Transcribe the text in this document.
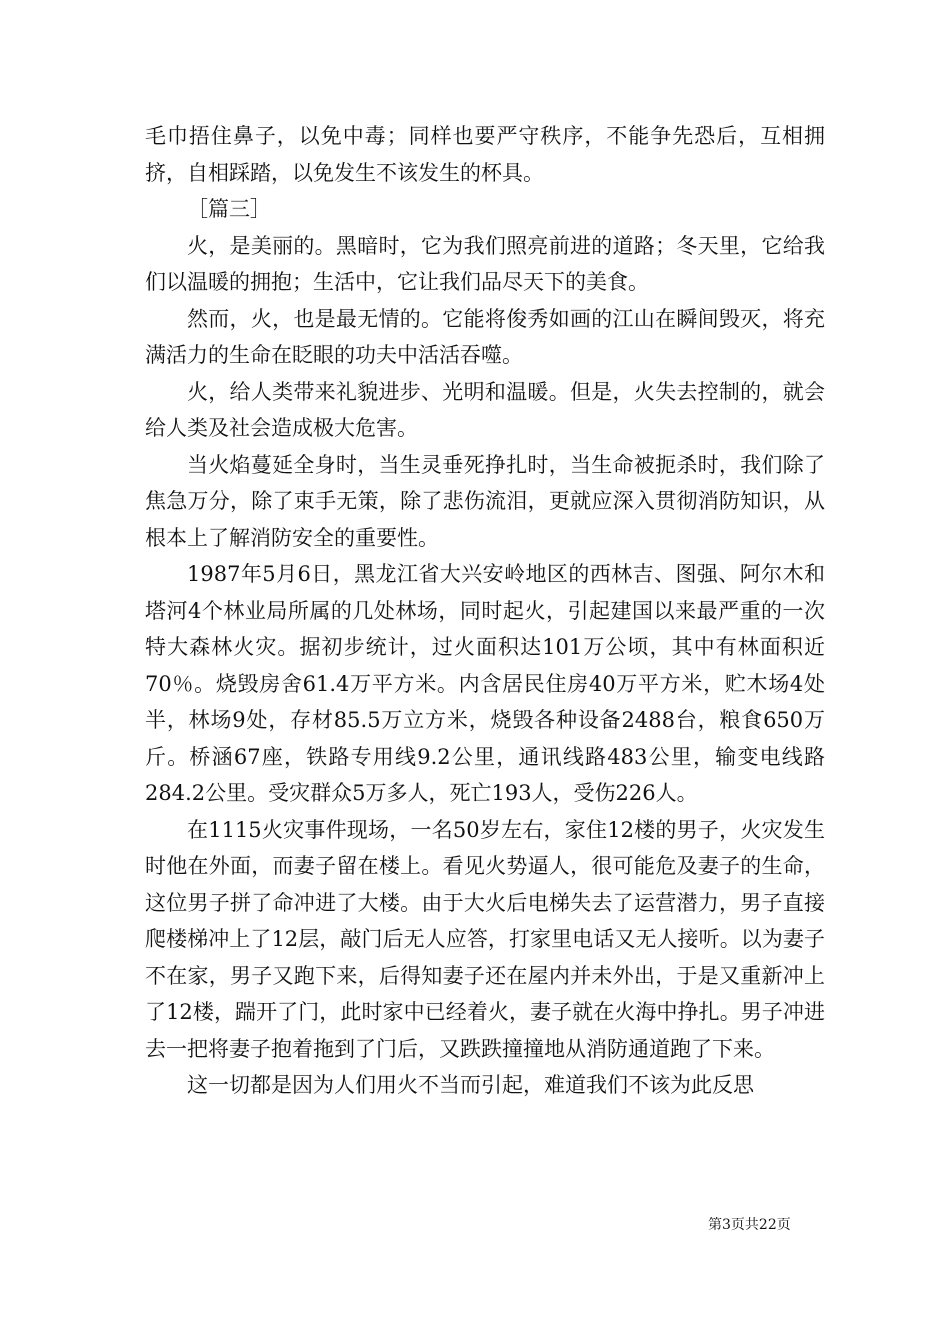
毛巾捂住鼻子，以免中毒；同样也要严守秩序，不能争先恐后，互相拥挤，自相踩踏，以免发生不该发生的杯具。

［篇三］

火，是美丽的。黑暗时，它为我们照亮前进的道路；冬天里，它给我们以温暖的拥抱；生活中，它让我们品尽天下的美食。

然而，火，也是最无情的。它能将俊秀如画的江山在瞬间毁灭，将充满活力的生命在眨眼的功夫中活活吞噬。

火，给人类带来礼貌进步、光明和温暖。但是，火失去控制的，就会给人类及社会造成极大危害。

当火焰蔓延全身时，当生灵垂死挣扎时，当生命被扼杀时，我们除了焦急万分，除了束手无策，除了悲伤流泪，更就应深入贯彻消防知识，从根本上了解消防安全的重要性。

1987年5月6日，黑龙江省大兴安岭地区的西林吉、图强、阿尔木和塔河4个林业局所属的几处林场，同时起火，引起建国以来最严重的一次特大森林火灾。据初步统计，过火面积达101万公顷，其中有林面积近70％。烧毁房舍61.4万平方米。内含居民住房40万平方米，贮木场4处半，林场9处，存材85.5万立方米，烧毁各种设备2488台，粮食650万斤。桥涵67座，铁路专用线9.2公里，通讯线路483公里，输变电线路284.2公里。受灾群众5万多人，死亡193人，受伤226人。

在1115火灾事件现场，一名50岁左右，家住12楼的男子，火灾发生时他在外面，而妻子留在楼上。看见火势逼人，很可能危及妻子的生命，这位男子拼了命冲进了大楼。由于大火后电梯失去了运营潜力，男子直接爬楼梯冲上了12层，敲门后无人应答，打家里电话又无人接听。以为妻子不在家，男子又跑下来，后得知妻子还在屋内并未外出，于是又重新冲上了12楼，踹开了门，此时家中已经着火，妻子就在火海中挣扎。男子冲进去一把将妻子抱着拖到了门后，又跌跌撞撞地从消防通道跑了下来。

这一切都是因为人们用火不当而引起，难道我们不该为此反思

第3页共22页
